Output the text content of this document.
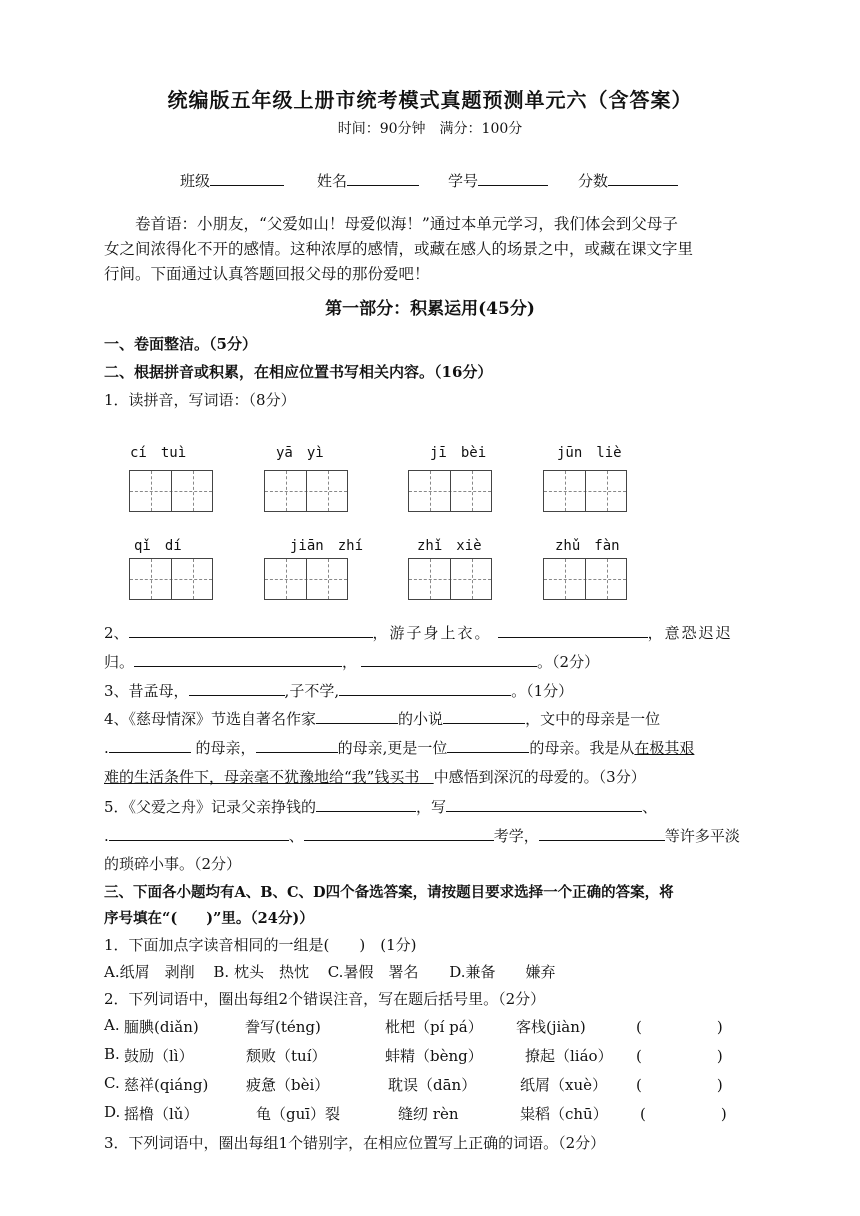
统编版五年级上册市统考模式真题预测单元六（含答案）
时间：90分钟　满分：100分
班级	姓名	学号	分数
卷首语：小朋友，“父爱如山！母爱似海！”通过本单元学习，我们体会到父母子
女之间浓得化不开的感情。这种浓厚的感情，或藏在感人的场景之中，或藏在课文字里
行间。下面通过认真答题回报父母的那份爱吧！
第一部分：积累运用(45分)
一、卷面整洁。（5分）
二、根据拼音或积累，在相应位置书写相关内容。（16分）
1．读拼音，写词语：（8分）
cí　tuì	yā　yì	jī　bèi	jūn　liè
qǐ　dí	jiān　zhí	zhǐ　xiè	zhǔ　fàn
2、	，游子身上衣。	，意恐迟迟
归。	，	。（2分）
3、昔孟母，	,子不学,	。（1分）
4、《慈母情深》节选自著名作家	的小说	，文中的母亲是一位
.	的母亲，	的母亲,更是一位	的母亲。我是从在极其艰
难的生活条件下，母亲毫不犹豫地给“我”钱买书 中感悟到深沉的母爱的。（3分）
5．《父爱之舟》记录父亲挣钱的	，写	、
.	、	考学，	等许多平淡
的琐碎小事。（2分）
三、下面各小题均有A、B、C、D四个备选答案，请按题目要求选择一个正确的答案，将
序号填在“(　　)”里。（24分)）
1．下面加点字读音相同的一组是(　　)　(1分)
A.纸屑　剥削 B. 枕头　热忱 C.暑假　署名 D.兼备　　嫌弃
2．下列词语中，圈出每组2个错误注音，写在题后括号里。（2分）
A. 腼腆(diǎn)	誊写(téng)	枇杷（pí pá） 客栈(jiàn)	(　　　　　)
B. 鼓励（lì）	颓败（tuí）	蚌精（bèng）	撩起（liáo） (　　　　　)
C. 慈祥(qiáng)	疲惫（bèi）	耽误（dān）	纸屑（xuè） (　　　　　)
D. 摇橹（lǔ）	龟（guī）裂	缝纫 rèn	粜稻（chū） (　　　　　)
3．下列词语中，圈出每组1个错别字，在相应位置写上正确的词语。（2分）
